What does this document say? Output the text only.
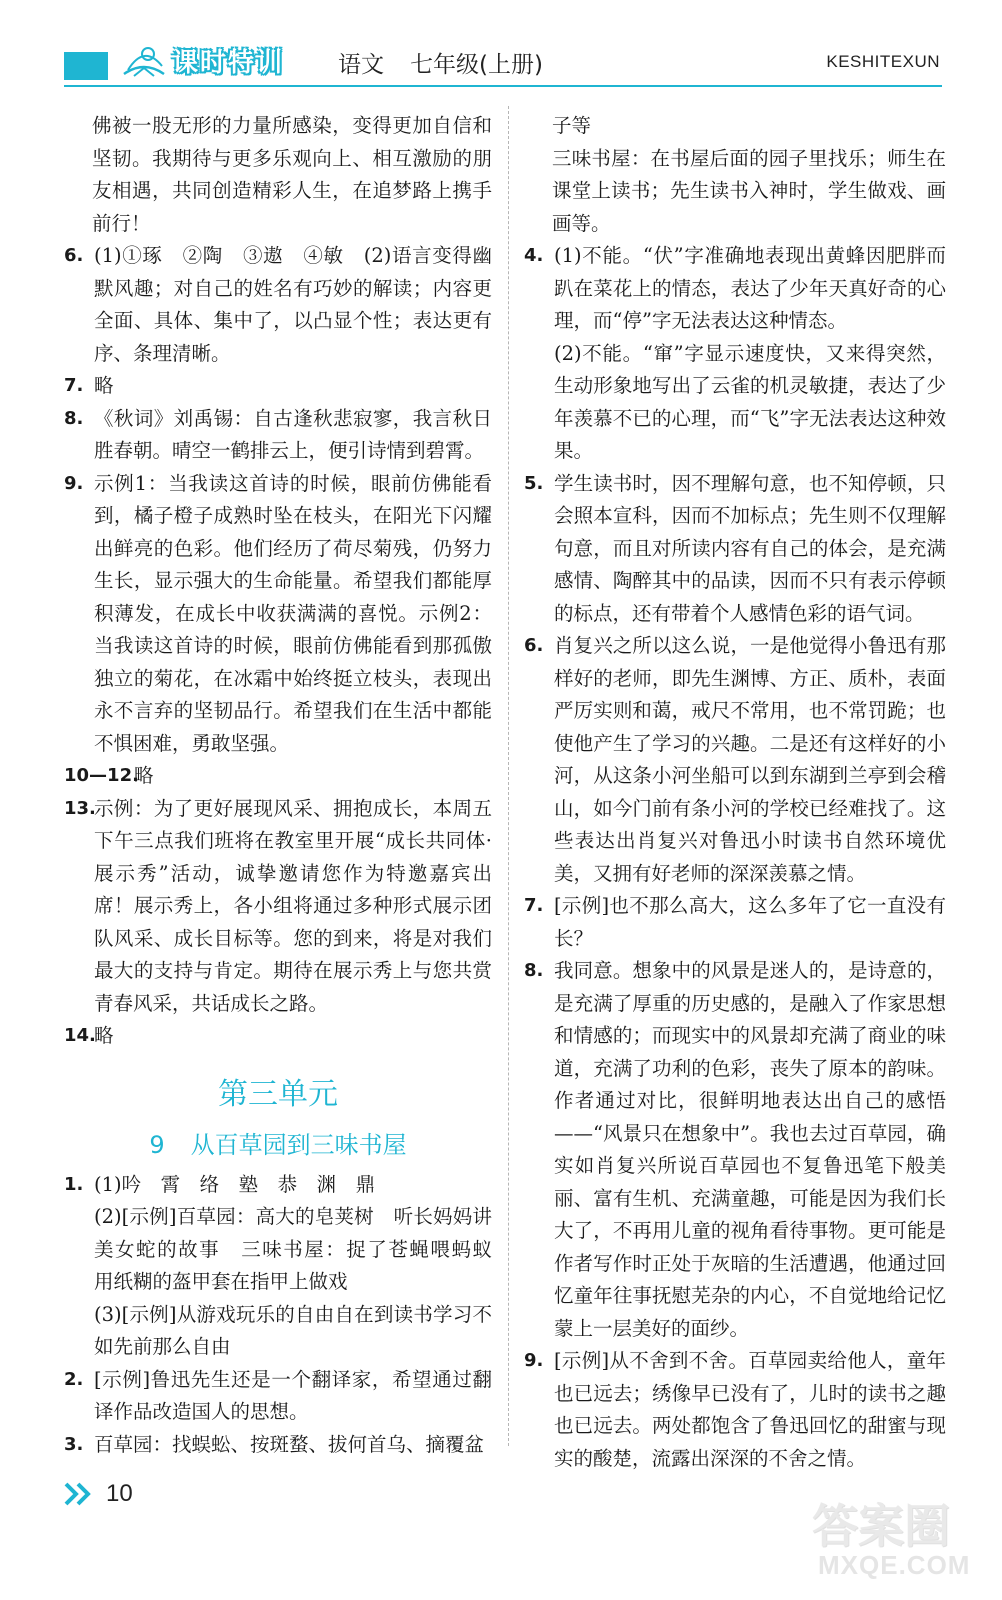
课时特训 语文 七年级(上册)	KESHITEXUN
佛被一股无形的力量所感染，变得更加自信和坚韧。我期待与更多乐观向上、相互激励的朋友相遇，共同创造精彩人生，在追梦路上携手前行！
6. (1)①琢　②陶　③遨　④敏　(2)语言变得幽默风趣；对自己的姓名有巧妙的解读；内容更全面、具体、集中了，以凸显个性；表达更有序、条理清晰。
7. 略
8. 《秋词》刘禹锡：自古逢秋悲寂寥，我言秋日胜春朝。晴空一鹤排云上，便引诗情到碧霄。
9. 示例1：当我读这首诗的时候，眼前仿佛能看到，橘子橙子成熟时坠在枝头，在阳光下闪耀出鲜亮的色彩。他们经历了荷尽菊残，仍努力生长，显示强大的生命能量。希望我们都能厚积薄发，在成长中收获满满的喜悦。示例2：当我读这首诗的时候，眼前仿佛能看到那孤傲独立的菊花，在冰霜中始终挺立枝头，表现出永不言弃的坚韧品行。希望我们在生活中都能不惧困难，勇敢坚强。
10—12.
略
13.
示例：为了更好展现风采、拥抱成长，本周五下午三点我们班将在教室里开展“成长共同体·展示秀”活动，诚挚邀请您作为特邀嘉宾出席！展示秀上，各小组将通过多种形式展示团队风采、成长目标等。您的到来，将是对我们最大的支持与肯定。期待在展示秀上与您共赏青春风采，共话成长之路。
14.
略
第三单元
9 从百草园到三味书屋
1. (1)吟　霄　络　塾　恭　渊　鼎
(2)[示例]百草园：高大的皂荚树　听长妈妈讲美女蛇的故事　三味书屋：捉了苍蝇喂蚂蚁　用纸糊的盔甲套在指甲上做戏
(3)[示例]从游戏玩乐的自由自在到读书学习不如先前那么自由
2. [示例]鲁迅先生还是一个翻译家，希望通过翻译作品改造国人的思想。
3. 百草园：找蜈蚣、按斑蝥、拔何首乌、摘覆盆
子等
三味书屋：在书屋后面的园子里找乐；师生在课堂上读书；先生读书入神时，学生做戏、画画等。
4. (1)不能。“伏”字准确地表现出黄蜂因肥胖而趴在菜花上的情态，表达了少年天真好奇的心理，而“停”字无法表达这种情态。
(2)不能。“窜”字显示速度快，又来得突然，生动形象地写出了云雀的机灵敏捷，表达了少年羡慕不已的心理，而“飞”字无法表达这种效果。
5. 学生读书时，因不理解句意，也不知停顿，只会照本宣科，因而不加标点；先生则不仅理解句意，而且对所读内容有自己的体会，是充满感情、陶醉其中的品读，因而不只有表示停顿的标点，还有带着个人感情色彩的语气词。
6. 肖复兴之所以这么说，一是他觉得小鲁迅有那样好的老师，即先生渊博、方正、质朴，表面严厉实则和蔼，戒尺不常用，也不常罚跪；也使他产生了学习的兴趣。二是还有这样好的小河，从这条小河坐船可以到东湖到兰亭到会稽山，如今门前有条小河的学校已经难找了。这些表达出肖复兴对鲁迅小时读书自然环境优美，又拥有好老师的深深羡慕之情。
7. [示例]也不那么高大，这么多年了它一直没有长？
8. 我同意。想象中的风景是迷人的，是诗意的，是充满了厚重的历史感的，是融入了作家思想和情感的；而现实中的风景却充满了商业的味道，充满了功利的色彩，丧失了原本的韵味。作者通过对比，很鲜明地表达出自己的感悟——“风景只在想象中”。我也去过百草园，确实如肖复兴所说百草园也不复鲁迅笔下般美丽、富有生机、充满童趣，可能是因为我们长大了，不再用儿童的视角看待事物。更可能是作者写作时正处于灰暗的生活遭遇，他通过回忆童年往事抚慰芜杂的内心，不自觉地给记忆蒙上一层美好的面纱。
9. [示例]从不舍到不舍。百草园卖给他人，童年也已远去；绣像早已没有了，儿时的读书之趣也已远去。两处都饱含了鲁迅回忆的甜蜜与现实的酸楚，流露出深深的不舍之情。
10
答案圈
MXQE.COM
